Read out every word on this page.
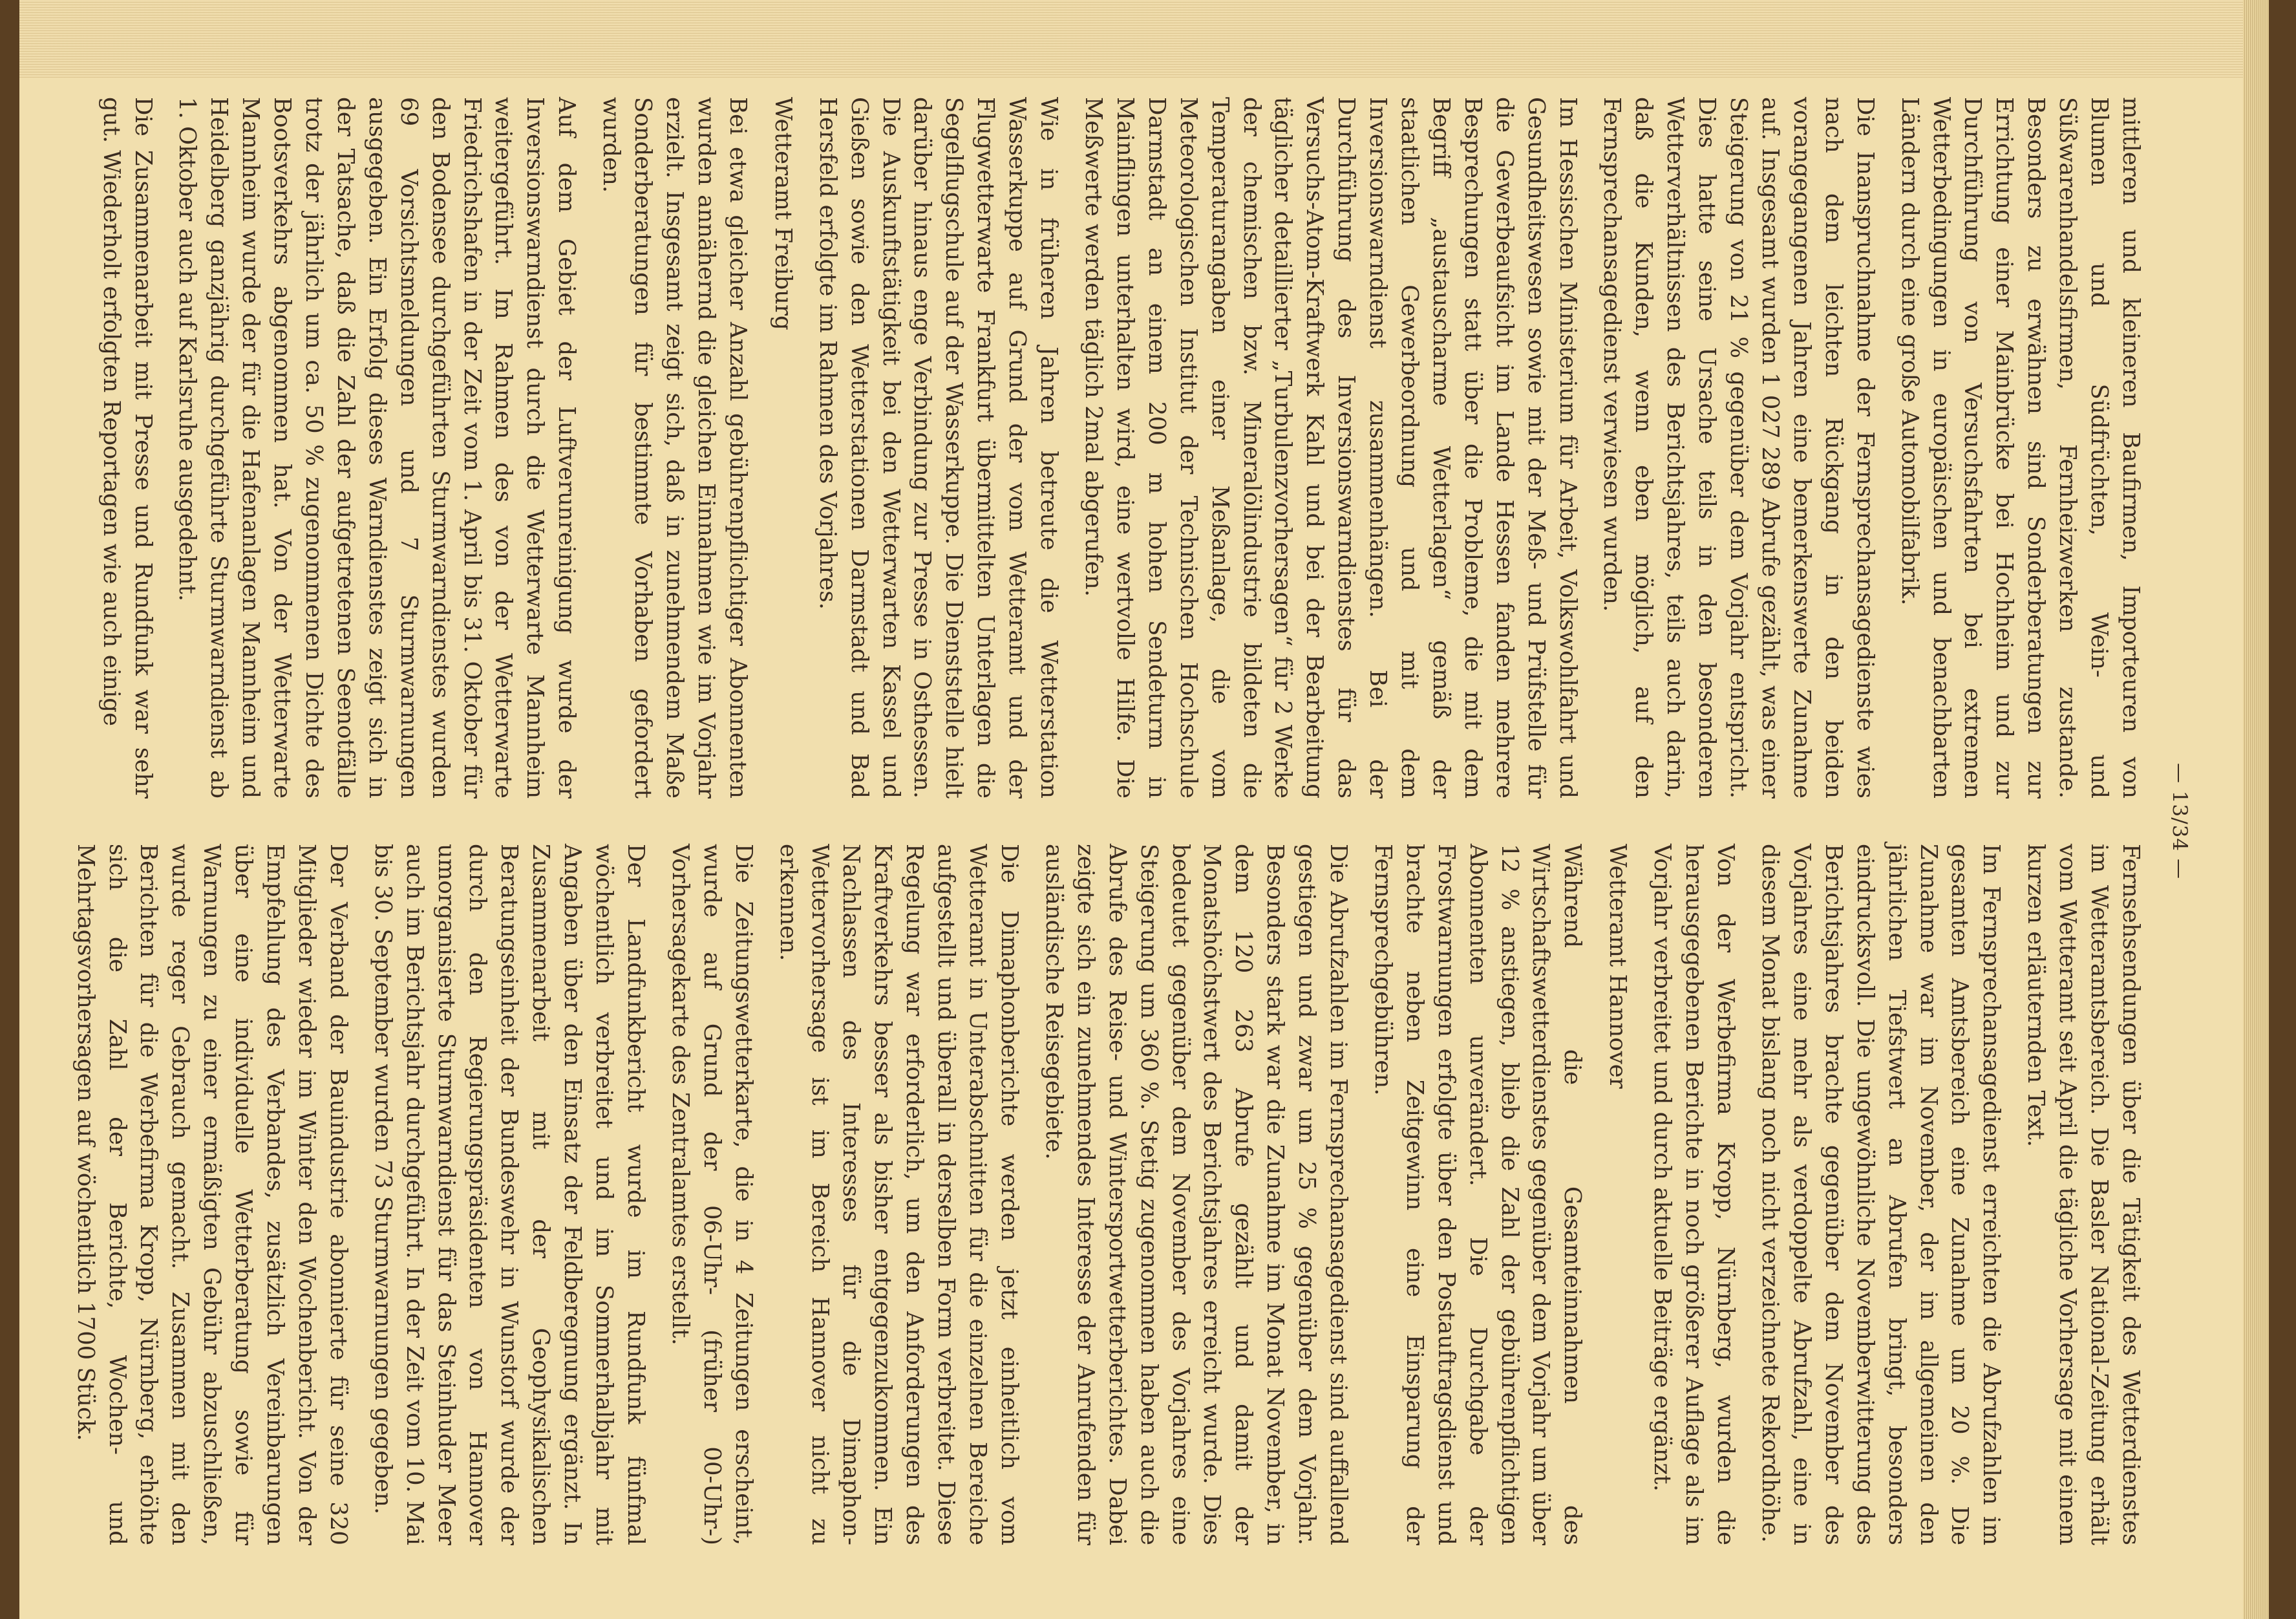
— 13/34 —

mittleren und kleineren Baufirmen, Importeuren von Blumen und Südfrüchten, Wein- und Süßwarenhandelsfirmen, Fernheizwerken zustande. Besonders zu erwähnen sind Sonderberatungen zur Errichtung einer Mainbrücke bei Hochheim und zur Durchführung von Versuchsfahrten bei extremen Wetterbedingungen in europäischen und benachbarten Ländern durch eine große Automobilfabrik.

Die Inanspruchnahme der Fernsprechansagedienste wies nach dem leichten Rückgang in den beiden vorangegangenen Jahren eine bemerkenswerte Zunahme auf. Insgesamt wurden 1 027 289 Abrufe gezählt, was einer Steigerung von 21 % gegenüber dem Vorjahr entspricht. Dies hatte seine Ursache teils in den besonderen Wetterverhältnissen des Berichtsjahres, teils auch darin, daß die Kunden, wenn eben möglich, auf den Fernsprechansagedienst verwiesen wurden.

Im Hessischen Ministerium für Arbeit, Volkswohlfahrt und Gesundheitswesen sowie mit der Meß- und Prüfstelle für die Gewerbeaufsicht im Lande Hessen fanden mehrere Besprechungen statt über die Probleme, die mit dem Begriff „austauscharme Wetterlagen“ gemäß der staatlichen Gewerbeordnung und mit dem Inversionswarndienst zusammenhängen. Bei der Durchführung des Inversionswarndienstes für das Versuchs-Atom-Kraftwerk Kahl und bei der Bearbeitung täglicher detaillierter „Turbulenzvorhersagen“ für 2 Werke der chemischen bzw. Mineralölindustrie bildeten die Temperaturangaben einer Meßanlage, die vom Meteorologischen Institut der Technischen Hochschule Darmstadt an einem 200 m hohen Sendeturm in Mainflingen unterhalten wird, eine wertvolle Hilfe. Die Meßwerte werden täglich 2mal abgerufen.

Wie in früheren Jahren betreute die Wetterstation Wasserkuppe auf Grund der vom Wetteramt und der Flugwetterwarte Frankfurt übermittelten Unterlagen die Segelflugschule auf der Wasserkuppe. Die Dienststelle hielt darüber hinaus enge Verbindung zur Presse in Osthessen. Die Auskunftstätigkeit bei den Wetterwarten Kassel und Gießen sowie den Wetterstationen Darmstadt und Bad Hersfeld erfolgte im Rahmen des Vorjahres.

Wetteramt Freiburg

Bei etwa gleicher Anzahl gebührenpflichtiger Abonnenten wurden annähernd die gleichen Einnahmen wie im Vorjahr erzielt. Insgesamt zeigt sich, daß in zunehmendem Maße Sonderberatungen für bestimmte Vorhaben gefordert wurden.

Auf dem Gebiet der Luftverunreinigung wurde der Inversionswarndienst durch die Wetterwarte Mannheim weitergeführt. Im Rahmen des von der Wetterwarte Friedrichshafen in der Zeit vom 1. April bis 31. Oktober für den Bodensee durchgeführten Sturmwarndienstes wurden 69 Vorsichtsmeldungen und 7 Sturmwarnungen ausgegeben. Ein Erfolg dieses Warndienstes zeigt sich in der Tatsache, daß die Zahl der aufgetretenen Seenotfälle trotz der jährlich um ca. 50 % zugenommenen Dichte des Bootsverkehrs abgenommen hat. Von der Wetterwarte Mannheim wurde der für die Hafenanlagen Mannheim und Heidelberg ganzjährig durchgeführte Sturmwarndienst ab 1. Oktober auch auf Karlsruhe ausgedehnt.

Die Zusammenarbeit mit Presse und Rundfunk war sehr gut. Wiederholt erfolgten Reportagen wie auch einige

Fernsehsendungen über die Tätigkeit des Wetterdienstes im Wetteramtsbereich. Die Basler National-Zeitung erhält vom Wetteramt seit April die tägliche Vorhersage mit einem kurzen erläuternden Text.

Im Fernsprechansagedienst erreichten die Abrufzahlen im gesamten Amtsbereich eine Zunahme um 20 %. Die Zunahme war im November, der im allgemeinen den jährlichen Tiefstwert an Abrufen bringt, besonders eindrucksvoll. Die ungewöhnliche Novemberwitterung des Berichtsjahres brachte gegenüber dem November des Vorjahres eine mehr als verdoppelte Abrufzahl, eine in diesem Monat bislang noch nicht verzeichnete Rekordhöhe.

Von der Werbefirma Kropp, Nürnberg, wurden die herausgegebenen Berichte in noch größerer Auflage als im Vorjahr verbreitet und durch aktuelle Beiträge ergänzt.

Wetteramt Hannover

Während die Gesamteinnahmen des Wirtschaftswetterdienstes gegenüber dem Vorjahr um über 12 % anstiegen, blieb die Zahl der gebührenpflichtigen Abonnenten unverändert. Die Durchgabe der Frostwarnungen erfolgte über den Postauftragsdienst und brachte neben Zeitgewinn eine Einsparung der Fernsprechgebühren.

Die Abrufzahlen im Fernsprechansagedienst sind auffallend gestiegen und zwar um 25 % gegenüber dem Vorjahr. Besonders stark war die Zunahme im Monat November, in dem 120 263 Abrufe gezählt und damit der Monatshöchstwert des Berichtsjahres erreicht wurde. Dies bedeutet gegenüber dem November des Vorjahres eine Steigerung um 360 %. Stetig zugenommen haben auch die Abrufe des Reise- und Wintersportwetterberichtes. Dabei zeigte sich ein zunehmendes Interesse der Anrufenden für ausländische Reisegebiete.

Die Dimaphonberichte werden jetzt einheitlich vom Wetteramt in Unterabschnitten für die einzelnen Bereiche aufgestellt und überall in derselben Form verbreitet. Diese Regelung war erforderlich, um den Anforderungen des Kraftverkehrs besser als bisher entgegenzukommen. Ein Nachlassen des Interesses für die Dimaphon-Wettervorhersage ist im Bereich Hannover nicht zu erkennen.

Die Zeitungswetterkarte, die in 4 Zeitungen erscheint, wurde auf Grund der 06-Uhr- (früher 00-Uhr-) Vorhersagekarte des Zentralamtes erstellt.

Der Landfunkbericht wurde im Rundfunk fünfmal wöchentlich verbreitet und im Sommerhalbjahr mit Angaben über den Einsatz der Feldberegnung ergänzt. In Zusammenarbeit mit der Geophysikalischen Beratungseinheit der Bundeswehr in Wunstorf wurde der durch den Regierungspräsidenten von Hannover umorganisierte Sturmwarndienst für das Steinhuder Meer auch im Berichtsjahr durchgeführt. In der Zeit vom 10. Mai bis 30. September wurden 73 Sturmwarnungen gegeben.

Der Verband der Bauindustrie abonnierte für seine 320 Mitglieder wieder im Winter den Wochenbericht. Von der Empfehlung des Verbandes, zusätzlich Vereinbarungen über eine individuelle Wetterberatung sowie für Warnungen zu einer ermäßigten Gebühr abzuschließen, wurde reger Gebrauch gemacht. Zusammen mit den Berichten für die Werbefirma Kropp, Nürnberg, erhöhte sich die Zahl der Berichte, Wochen- und Mehrtagsvorhersagen auf wöchentlich 1700 Stück.
